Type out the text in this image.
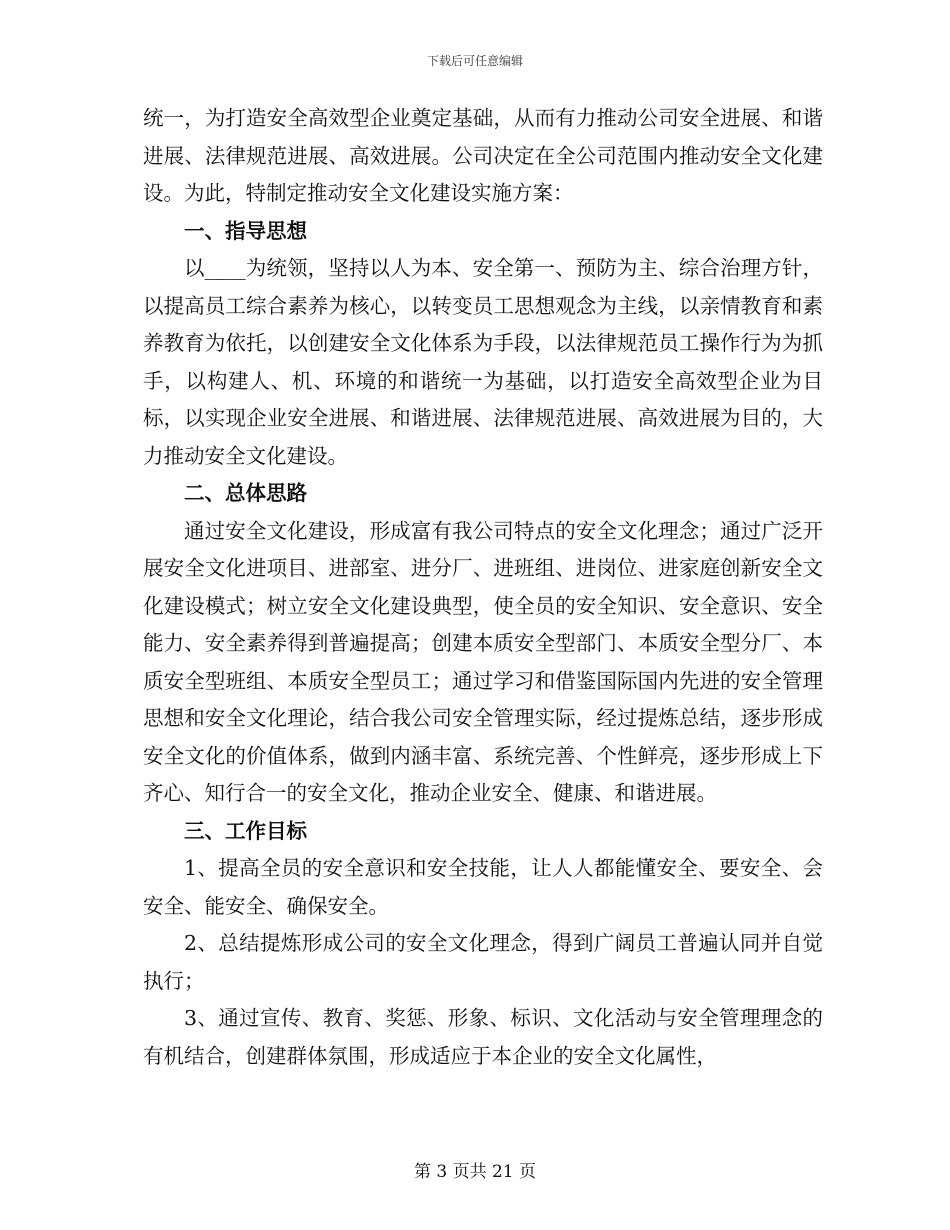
下载后可任意编辑

统一，为打造安全高效型企业奠定基础，从而有力推动公司安全进展、和谐进展、法律规范进展、高效进展。公司决定在全公司范围内推动安全文化建设。为此，特制定推动安全文化建设实施方案：

一、指导思想

以____为统领，坚持以人为本、安全第一、预防为主、综合治理方针，以提高员工综合素养为核心，以转变员工思想观念为主线，以亲情教育和素养教育为依托，以创建安全文化体系为手段，以法律规范员工操作行为为抓手，以构建人、机、环境的和谐统一为基础，以打造安全高效型企业为目标，以实现企业安全进展、和谐进展、法律规范进展、高效进展为目的，大力推动安全文化建设。

二、总体思路

通过安全文化建设，形成富有我公司特点的安全文化理念；通过广泛开展安全文化进项目、进部室、进分厂、进班组、进岗位、进家庭创新安全文化建设模式；树立安全文化建设典型，使全员的安全知识、安全意识、安全能力、安全素养得到普遍提高；创建本质安全型部门、本质安全型分厂、本质安全型班组、本质安全型员工；通过学习和借鉴国际国内先进的安全管理思想和安全文化理论，结合我公司安全管理实际，经过提炼总结，逐步形成安全文化的价值体系，做到内涵丰富、系统完善、个性鲜亮，逐步形成上下齐心、知行合一的安全文化，推动企业安全、健康、和谐进展。

三、工作目标

1、提高全员的安全意识和安全技能，让人人都能懂安全、要安全、会安全、能安全、确保安全。

2、总结提炼形成公司的安全文化理念，得到广阔员工普遍认同并自觉执行；

3、通过宣传、教育、奖惩、形象、标识、文化活动与安全管理理念的有机结合，创建群体氛围，形成适应于本企业的安全文化属性，

第 3 页共 21 页
